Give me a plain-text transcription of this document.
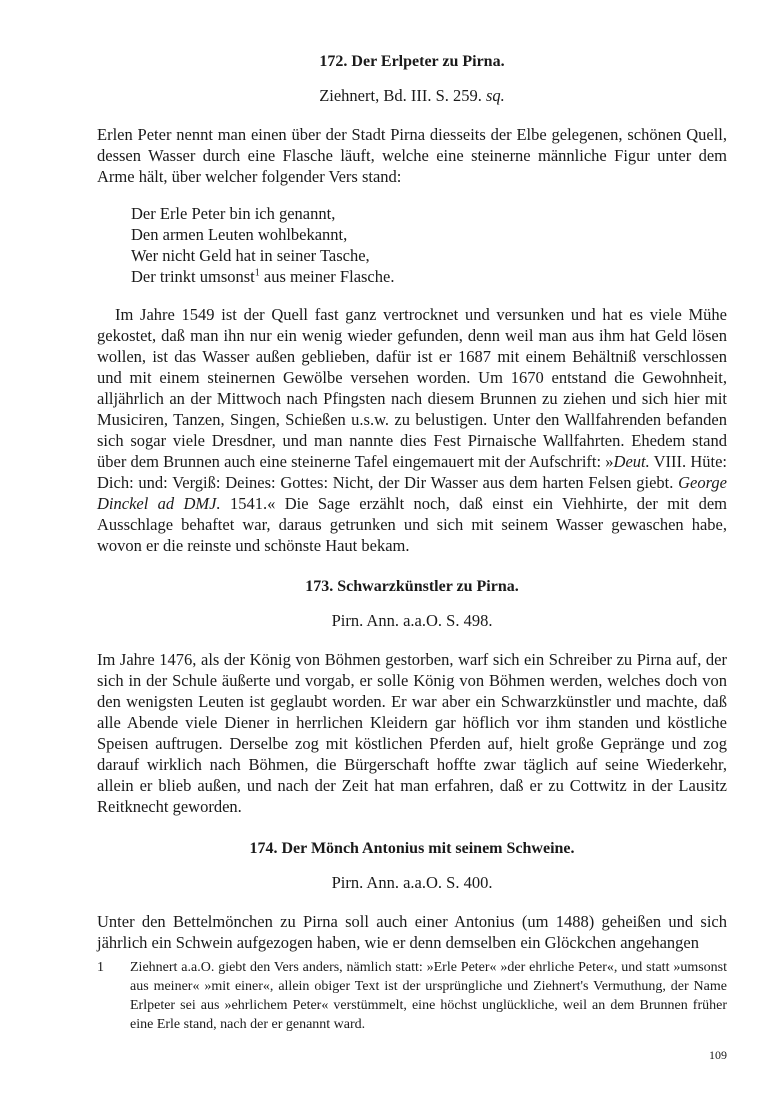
172. Der Erlpeter zu Pirna.

Ziehnert, Bd. III. S. 259. sq.

Erlen Peter nennt man einen über der Stadt Pirna diesseits der Elbe gelegenen, schönen Quell, dessen Wasser durch eine Flasche läuft, welche eine steinerne männliche Figur unter dem Arme hält, über welcher folgender Vers stand:

Der Erle Peter bin ich genannt,
Den armen Leuten wohlbekannt,
Wer nicht Geld hat in seiner Tasche,
Der trinkt umsonst$^1$ aus meiner Flasche.

Im Jahre 1549 ist der Quell fast ganz vertrocknet und versunken und hat es viele Mühe gekostet, daß man ihn nur ein wenig wieder gefunden, denn weil man aus ihm hat Geld lösen wollen, ist das Wasser außen geblieben, dafür ist er 1687 mit einem Behältniß verschlossen und mit einem steinernen Gewölbe versehen worden. Um 1670 entstand die Gewohnheit, alljährlich an der Mittwoch nach Pfingsten nach diesem Brunnen zu ziehen und sich hier mit Musiciren, Tanzen, Singen, Schießen u.s.w. zu belustigen. Unter den Wallfahrenden befanden sich sogar viele Dresdner, und man nannte dies Fest Pirnaische Wallfahrten. Ehedem stand über dem Brunnen auch eine steinerne Tafel eingemauert mit der Aufschrift: »Deut. VIII. Hüte: Dich: und: Vergiß: Deines: Gottes: Nicht, der Dir Wasser aus dem harten Felsen giebt. George Dinckel ad DMJ. 1541.« Die Sage erzählt noch, daß einst ein Viehhirte, der mit dem Ausschlage behaftet war, daraus getrunken und sich mit seinem Wasser gewaschen habe, wovon er die reinste und schönste Haut bekam.

173. Schwarzkünstler zu Pirna.

Pirn. Ann. a.a.O. S. 498.

Im Jahre 1476, als der König von Böhmen gestorben, warf sich ein Schreiber zu Pirna auf, der sich in der Schule äußerte und vorgab, er solle König von Böhmen werden, welches doch von den wenigsten Leuten ist geglaubt worden. Er war aber ein Schwarzkünstler und machte, daß alle Abende viele Diener in herrlichen Kleidern gar höflich vor ihm standen und köstliche Speisen auftrugen. Derselbe zog mit köstlichen Pferden auf, hielt große Gepränge und zog darauf wirklich nach Böhmen, die Bürgerschaft hoffte zwar täglich auf seine Wiederkehr, allein er blieb außen, und nach der Zeit hat man erfahren, daß er zu Cottwitz in der Lausitz Reitknecht geworden.

174. Der Mönch Antonius mit seinem Schweine.

Pirn. Ann. a.a.O. S. 400.

Unter den Bettelmönchen zu Pirna soll auch einer Antonius (um 1488) geheißen und sich jährlich ein Schwein aufgezogen haben, wie er denn demselben ein Glöckchen angehangen

1 Ziehnert a.a.O. giebt den Vers anders, nämlich statt: »Erle Peter« »der ehrliche Peter«, und statt »umsonst aus meiner« »mit einer«, allein obiger Text ist der ursprüngliche und Ziehnert's Vermuthung, der Name Erlpeter sei aus »ehrlichem Peter« verstümmelt, eine höchst unglückliche, weil an dem Brunnen früher eine Erle stand, nach der er genannt ward.
109
